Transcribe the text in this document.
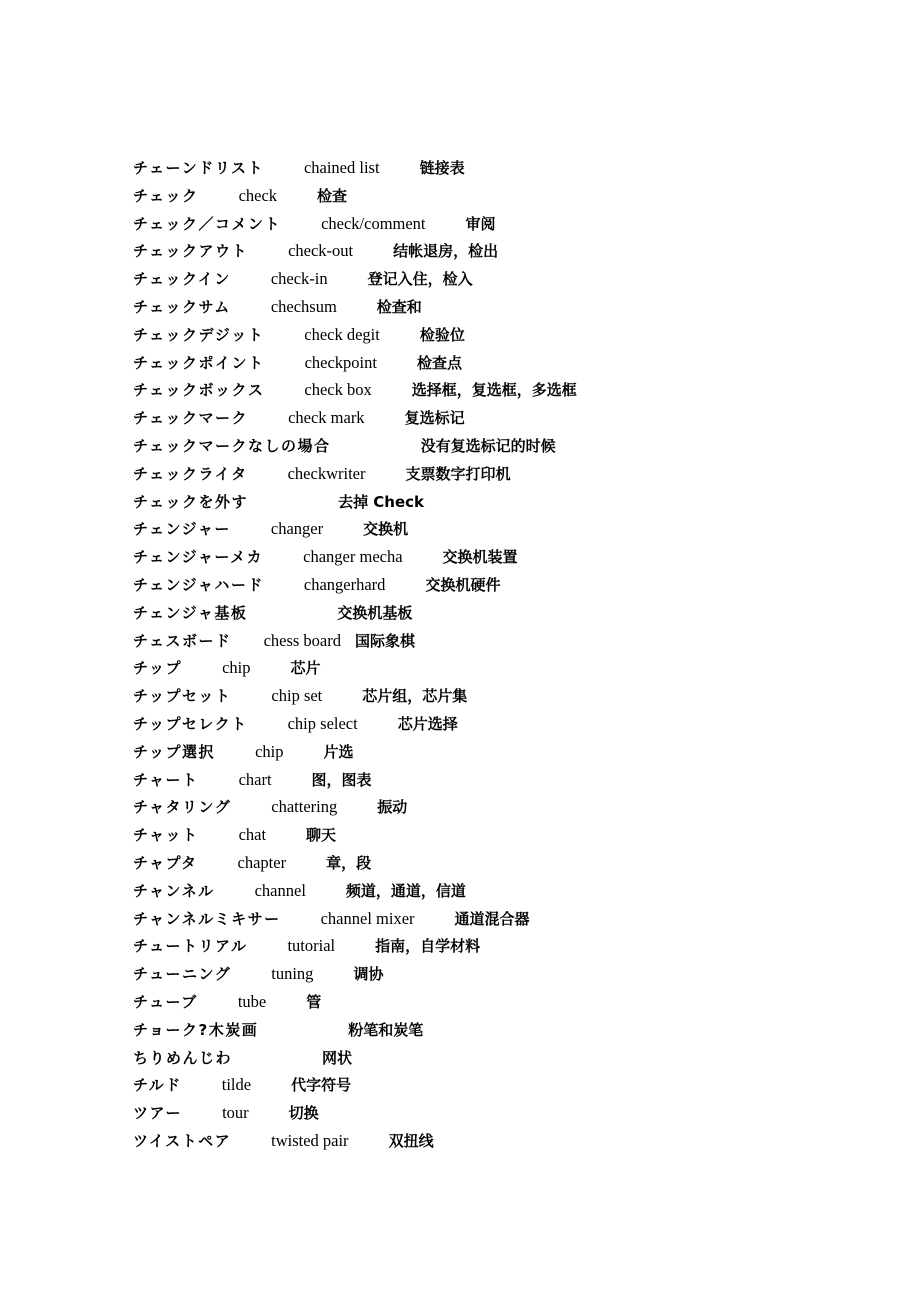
チェーンドリスト chained list	链接表
チェック check	检查
チェック／コメント check/comment	审阅
チェックアウト check-out	结帐退房，检出
チェックイン check-in	登记入住，检入
チェックサム chechsum	检查和
チェックデジット check degit	检验位
チェックポイント checkpoint	检查点
チェックボックス check box	选择框，复选框，多选框
チェックマーク check mark	复选标记
チェックマークなしの場合	没有复选标记的时候
チェックライタ checkwriter	支票数字打印机
チェックを外す	去掉 Check
チェンジャー changer	交换机
チェンジャーメカ changer mecha	交换机装置
チェンジャハード changerhard	交换机硬件
チェンジャ基板	交换机基板
チェスボード chess board 国际象棋
チップ chip	芯片
チップセット chip set	芯片组，芯片集
チップセレクト chip select	芯片选择
チップ選択 chip	片选
チャート chart	图，图表
チャタリング chattering	振动
チャット chat	聊天
チャプタ chapter	章，段
チャンネル channel	频道，通道，信道
チャンネルミキサー channel mixer	通道混合器
チュートリアル tutorial	指南，自学材料
チューニング tuning	调协
チューブ tube	管
チョーク?木炭画	粉笔和炭笔
ちりめんじわ	网状
チルド tilde	代字符号
ツアー tour	切换
ツイストペア twisted pair	双扭线
